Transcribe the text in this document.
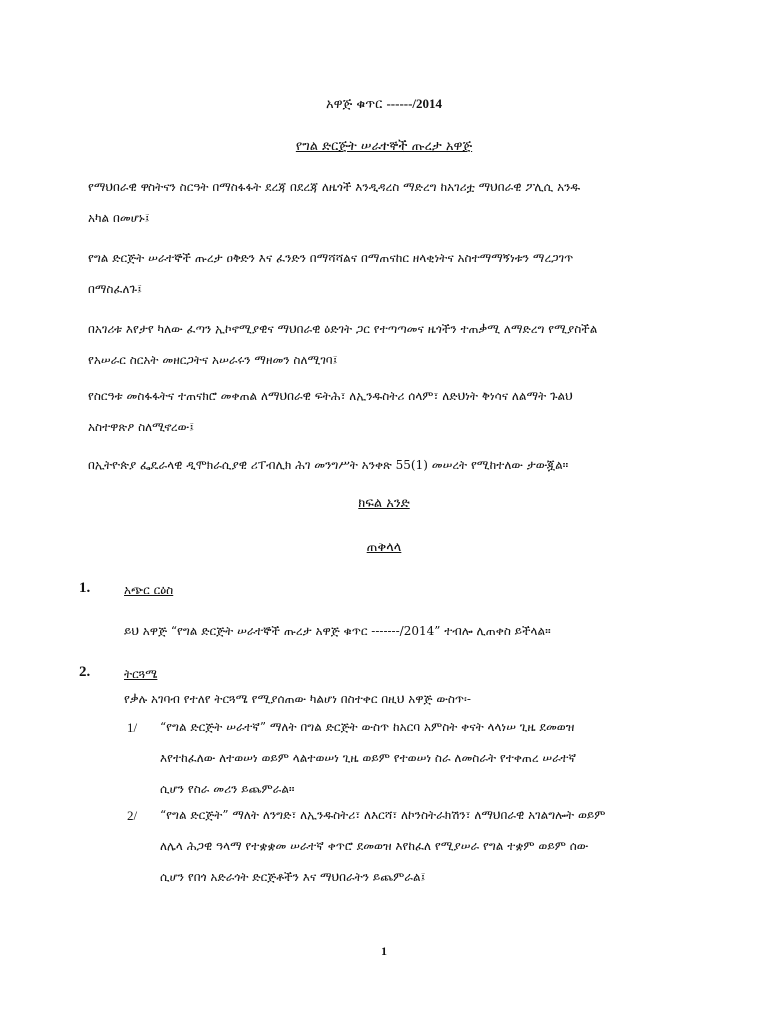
አዋጅ ቁጥር ------/2014
የግል ድርጅት ሠራተኞች ጡረታ አዋጅ
የማህበራዊ ዋስትናን ስርዓት በማስፋፋት ደረጃ በደረጃ ለዜጎች እንዲዳረስ ማድረግ ከአገሪቷ ማህበራዊ ፖሊሲ አንዱ
አካል በመሆኑ፤
የግል ድርጅት ሠራተኞች ጡረታ ዐቅድን እና ፈንድን በማሻሻልና በማጠናከር ዘላቂነትና አስተማማኝነቱን ማረጋገጥ
በማስፈለጉ፤
በአገሪቱ እየታየ ካለው ፈጣን ኢኮኖሚያዊና ማህበራዊ ዕድገት ጋር የተጣጣመና ዜጎችን ተጠቃሚ ለማድረግ የሚያስችል
የአሠራር ስርአት መዘርጋትና አሠራሩን ማዘመን ስለሚገባ፤
የስርዓቱ መስፋፋትና ተጠናክሮ መቀጠል ለማህበራዊ ፍትሕ፣ ለኢንዱስትሪ ሰላም፣ ለድህነት ቅነሳና ለልማት ጉልህ
አስተዋጽዖ ስለሚኖረው፤
በኢትዮጵያ ፌዴራላዊ ዲሞክራሲያዊ ሪፐብሊክ ሕገ መንግሥት አንቀጽ 55(1) መሠረት የሚከተለው ታውጇል።
ክፍል አንድ
ጠቅላላ
1.	አጭር ርዕስ
ይህ አዋጅ “የግል ድርጅት ሠራተኞች ጡረታ አዋጅ ቁጥር -------/2014” ተብሎ ሊጠቀስ ይችላል።
2.	ትርጓሜ
የቃሉ አገባብ የተለየ ትርጓሜ የሚያሰጠው ካልሆነ በስተቀር በዚህ አዋጅ ውስጥ፡-
1/ “የግል ድርጅት ሠራተኛ” ማለት በግል ድርጅት ውስጥ ከአርባ አምስት ቀናት ላላነሠ ጊዜ ደመወዝ
እየተከፈለው ለተወሠነ ወይም ላልተወሠነ ጊዜ ወይም የተወሠነ ስራ ለመስራት የተቀጠረ ሠራተኛ
ሲሆን የስራ መሪን ይጨምራል።
2/ “የግል ድርጅት” ማለት ለንግድ፣ ለኢንዱስትሪ፣ ለእርሻ፣ ለኮንስትራክሽን፣ ለማህበራዊ አገልግሎት ወይም
ለሌላ ሕጋዊ ዓላማ የተቋቋመ ሠራተኛ ቀጥሮ ደመወዝ እየከፈለ የሚያሠራ የግል ተቋም ወይም ሰው
ሲሆን የበጎ አድራጎት ድርጅቶችን እና ማህበራትን ይጨምራል፤
1
